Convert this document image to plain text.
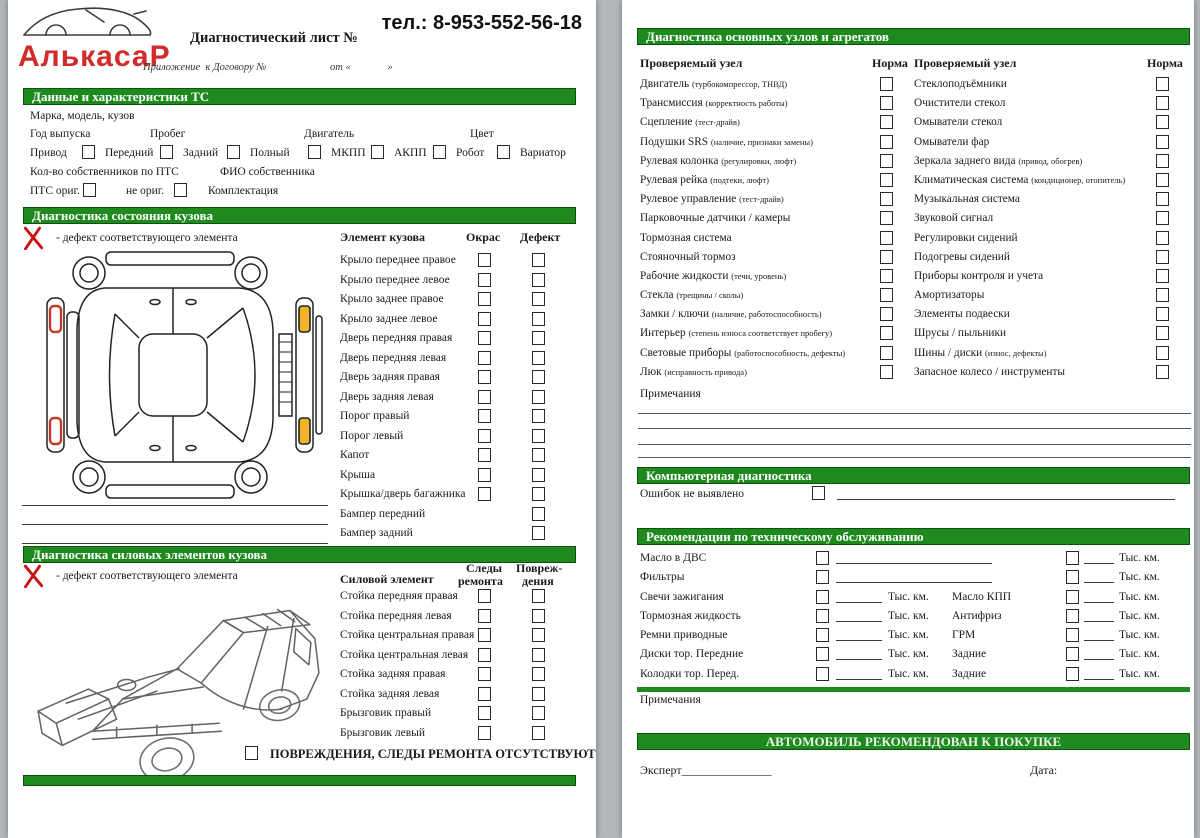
АлькасаР
Диагностический лист №
тел.: 8-953-552-56-18
Приложение  к Договору №	от «              »
Данные и характеристики ТС
Марка, модель, кузов
Год выпуска	Пробег	Двигатель	Цвет
Привод	Передний	Задний	Полный	МКПП АКПП	Робот	Вариатор
Кол-во собственников по ПТС	ФИО собственника
ПТС ориг.	не ориг.	Комплектация
Диагностика состояния кузова
- дефект соответствующего элемента	Элемент кузова	Окрас Дефект
Крыло переднее правое
Крыло переднее левое
Крыло заднее правое
Крыло заднее левое
Дверь передняя правая
Дверь передняя левая
Дверь задняя правая
Дверь задняя левая
Порог правый
Порог левый
Капот
Крыша
Крышка/дверь багажника
Бампер передний
Бампер задний
Диагностика силовых элементов кузова
- дефект соответствующего элемента	Силовой элемент
Следы
ремонта
Повреж-
дения
Стойка передняя правая
Стойка передняя левая
Стойка центральная правая
Стойка центральная левая
Стойка задняя правая
Стойка задняя левая
Брызговик правый
Брызговик левый
ПОВРЕЖДЕНИЯ, СЛЕДЫ РЕМОНТА ОТСУТСТВУЮТ
Диагностика основных узлов и агрегатов
Проверяемый узел	Норма Проверяемый узел	Норма
Двигатель (турбокомпрессор, ТНВД)
Трансмиссия (корректность работы)
Сцепление (тест-драйв)
Подушки SRS (наличие, признаки замены)
Рулевая колонка (регулировки, люфт)
Рулевая рейка (подтеки, люфт)
Рулевое управление (тест-драйв)
Парковочные датчики / камеры
Тормозная система
Стояночный тормоз
Рабочие жидкости (течи, уровень)
Стекла (трещины / сколы)
Замки / ключи (наличие, работоспособность)
Интерьер (степень износа соответствует пробегу)
Световые приборы (работоспособность, дефекты)
Люк (исправность привода)
Стеклоподъёмники
Очистители стекол
Омыватели стекол
Омыватели фар
Зеркала заднего вида (привод, обогрев)
Климатическая система (кондиционер, отопитель)
Музыкальная система
Звуковой сигнал
Регулировки сидений
Подогревы сидений
Приборы контроля и учета
Амортизаторы
Элементы подвески
Шрусы / пыльники
Шины / диски (износ, дефекты)
Запасное колесо / инструменты
Примечания
Компьютерная диагностика
Ошибок не выявлено
Рекомендации по техническому обслуживанию
Масло в ДВС	Тыс. км.
Фильтры	Тыс. км.
Свечи зажигания	Тыс. км. Масло КПП	Тыс. км.
Тормозная жидкость	Тыс. км. Антифриз	Тыс. км.
Ремни приводные	Тыс. км. ГРМ	Тыс. км.
Диски тор. Передние	Тыс. км. Задние	Тыс. км.
Колодки тор. Перед.	Тыс. км. Задние	Тыс. км.
Примечания
АВТОМОБИЛЬ РЕКОМЕНДОВАН К ПОКУПКЕ
Эксперт_______________	Дата:
